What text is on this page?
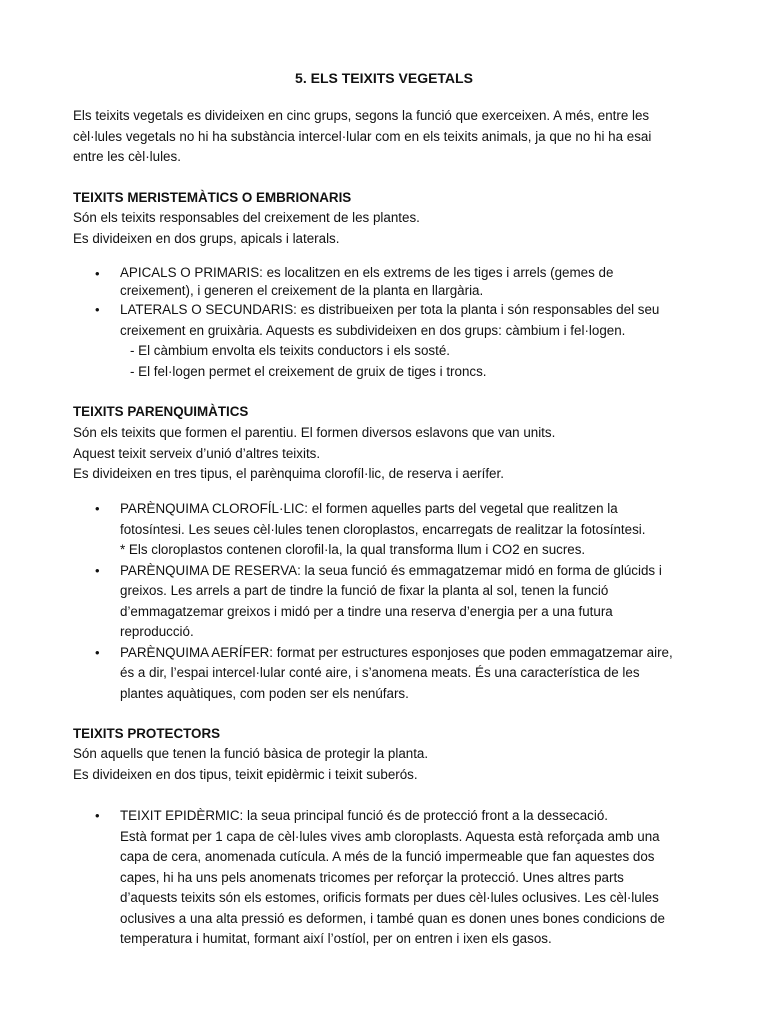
5. ELS TEIXITS VEGETALS
Els teixits vegetals es divideixen en cinc grups, segons la funció que exerceixen. A més, entre les
cèl·lules vegetals no hi ha substància intercel·lular com en els teixits animals, ja que no hi ha esai
entre les cèl·lules.
TEIXITS MERISTEMÀTICS O EMBRIONARIS
Són els teixits responsables del creixement de les plantes.
Es divideixen en dos grups, apicals i laterals.
• APICALS O PRIMARIS: es localitzen en els extrems de les tiges i arrels (gemes de
creixement), i generen el creixement de la planta en llargària.
• LATERALS O SECUNDARIS: es distribueixen per tota la planta i són responsables del seu
creixement en gruixària. Aquests es subdivideixen en dos grups: càmbium i fel·logen.
- El càmbium envolta els teixits conductors i els sosté.
- El fel·logen permet el creixement de gruix de tiges i troncs.
TEIXITS PARENQUIMÀTICS
Són els teixits que formen el parentiu. El formen diversos eslavons que van units.
Aquest teixit serveix d’unió d’altres teixits.
Es divideixen en tres tipus, el parènquima clorofíl·lic, de reserva i aerífer.
• PARÈNQUIMA CLOROFÍL·LIC: el formen aquelles parts del vegetal que realitzen la
fotosíntesi. Les seues cèl·lules tenen cloroplastos, encarregats de realitzar la fotosíntesi.
* Els cloroplastos contenen clorofil·la, la qual transforma llum i CO2 en sucres.
• PARÈNQUIMA DE RESERVA: la seua funció és emmagatzemar midó en forma de glúcids i
greixos. Les arrels a part de tindre la funció de fixar la planta al sol, tenen la funció
d’emmagatzemar greixos i midó per a tindre una reserva d’energia per a una futura
reproducció.
• PARÈNQUIMA AERÍFER: format per estructures esponjoses que poden emmagatzemar aire,
és a dir, l’espai intercel·lular conté aire, i s’anomena meats. És una característica de les
plantes aquàtiques, com poden ser els nenúfars.
TEIXITS PROTECTORS
Són aquells que tenen la funció bàsica de protegir la planta.
Es divideixen en dos tipus, teixit epidèrmic i teixit suberós.
• TEIXIT EPIDÈRMIC: la seua principal funció és de protecció front a la dessecació.
Està format per 1 capa de cèl·lules vives amb cloroplasts. Aquesta està reforçada amb una
capa de cera, anomenada cutícula. A més de la funció impermeable que fan aquestes dos
capes, hi ha uns pels anomenats tricomes per reforçar la protecció. Unes altres parts
d’aquests teixits són els estomes, orificis formats per dues cèl·lules oclusives. Les cèl·lules
oclusives a una alta pressió es deformen, i també quan es donen unes bones condicions de
temperatura i humitat, formant així l’ostíol, per on entren i ixen els gasos.
